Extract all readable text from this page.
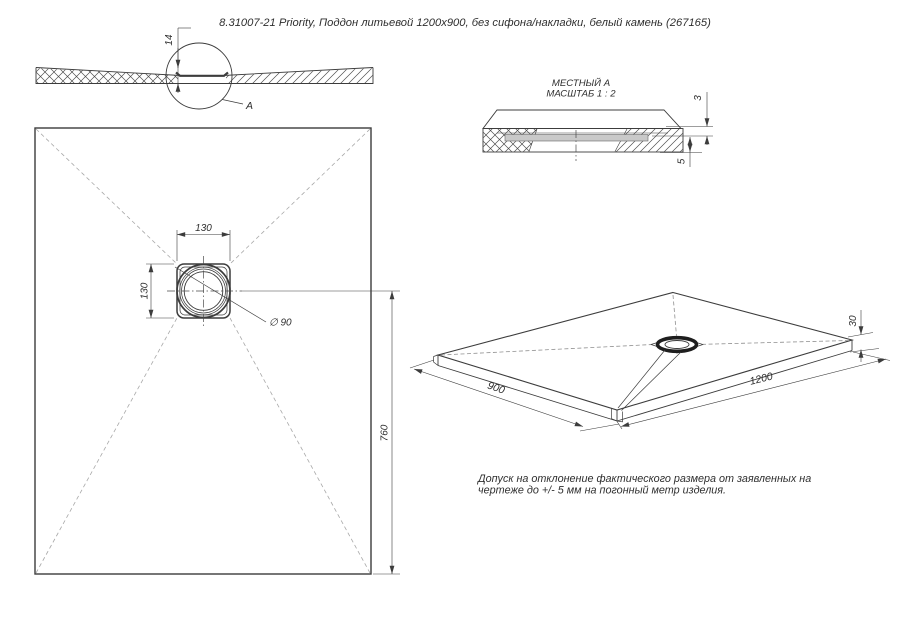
8.31007-21 Priority, Поддон литьевой 1200x900, без сифона/накладки, белый камень (267165)
A
14
МЕСТНЫЙ А
МАСШТАБ 1 : 2	3
5
130
130
∅ 90
760
900
1200
30
Допуск на отклонение фактического размера от заявленных на
чертеже до +/- 5 мм на погонный метр изделия.
